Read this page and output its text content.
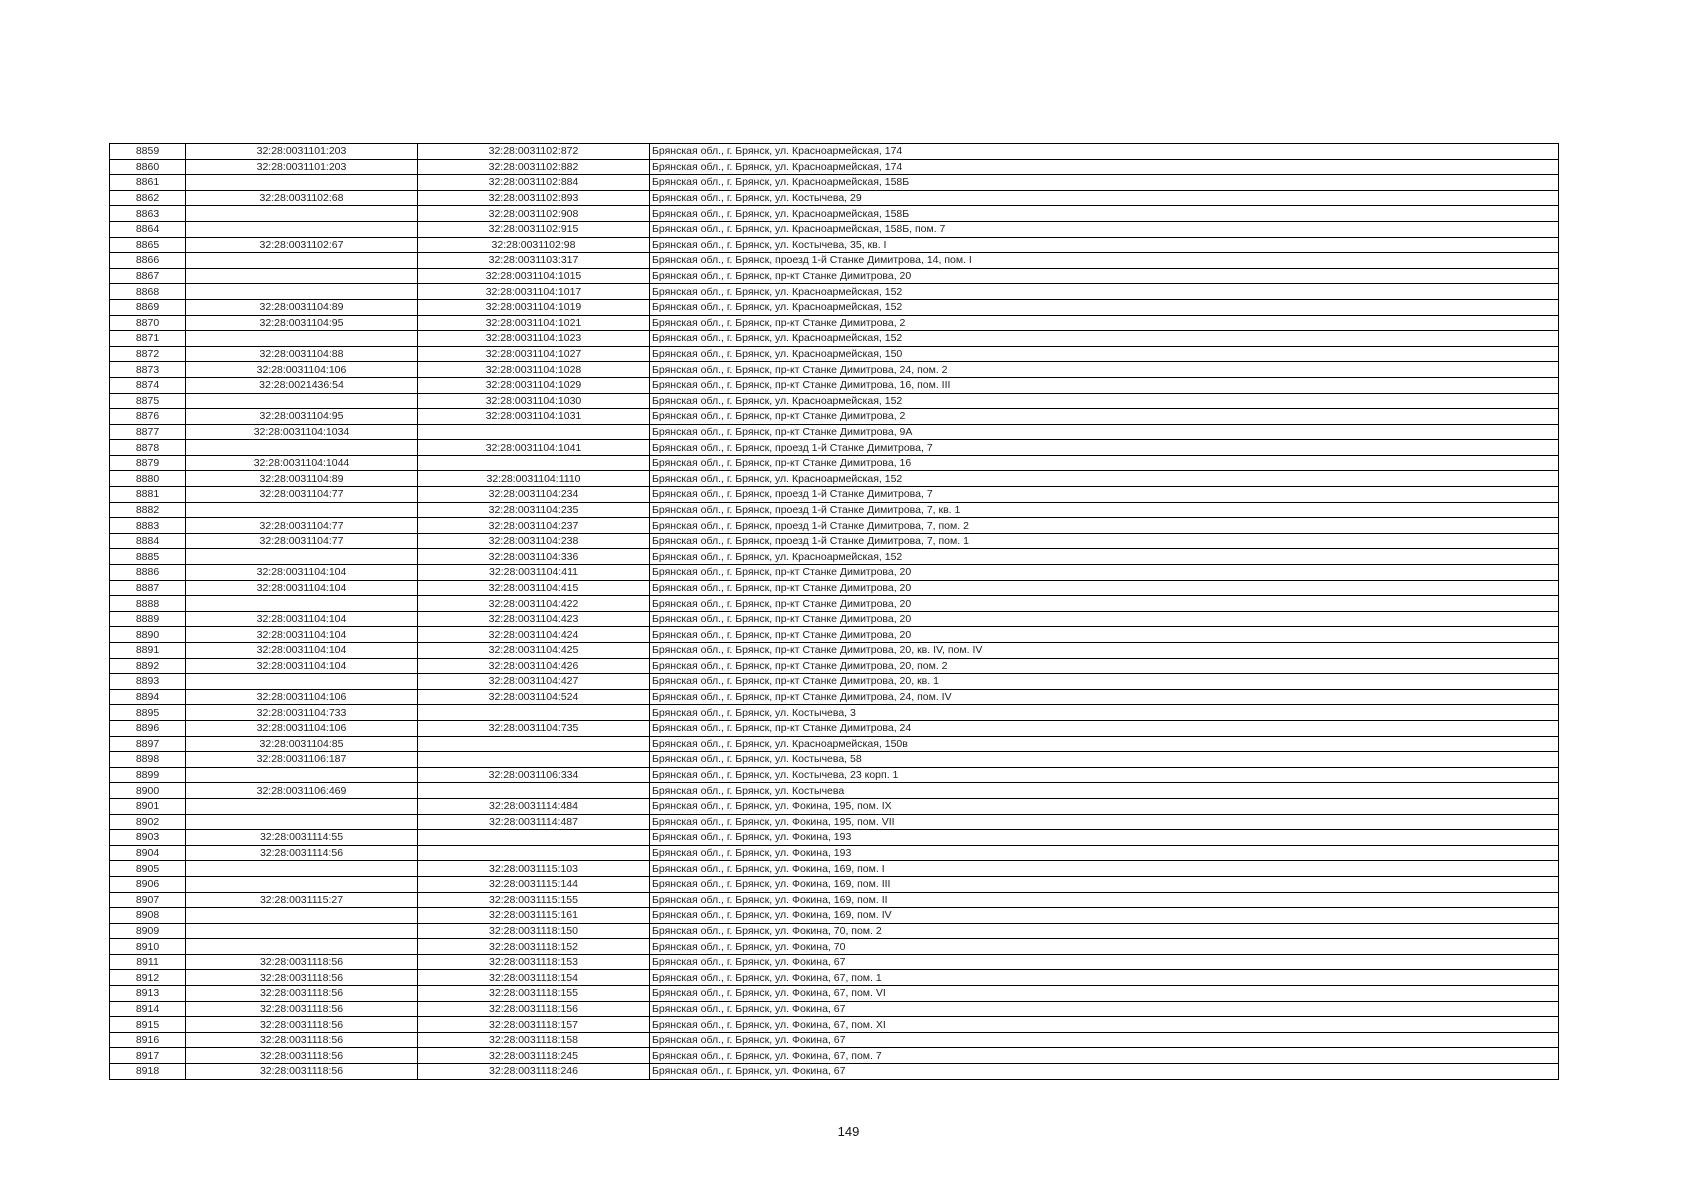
8859	32:28:0031101:203	32:28:0031102:872	Брянская обл., г. Брянск, ул. Красноармейская, 174
8860	32:28:0031101:203	32:28:0031102:882	Брянская обл., г. Брянск, ул. Красноармейская, 174
8861		32:28:0031102:884	Брянская обл., г. Брянск, ул. Красноармейская, 158Б
8862	32:28:0031102:68	32:28:0031102:893	Брянская обл., г. Брянск, ул. Костычева, 29
8863		32:28:0031102:908	Брянская обл., г. Брянск, ул. Красноармейская, 158Б
8864		32:28:0031102:915	Брянская обл., г. Брянск, ул. Красноармейская, 158Б, пом. 7
8865	32:28:0031102:67	32:28:0031102:98	Брянская обл., г. Брянск, ул. Костычева, 35, кв. I
8866		32:28:0031103:317	Брянская обл., г. Брянск, проезд 1-й Станке Димитрова, 14, пом. I
8867		32:28:0031104:1015	Брянская обл., г. Брянск, пр-кт Станке Димитрова, 20
8868		32:28:0031104:1017	Брянская обл., г. Брянск, ул. Красноармейская, 152
8869	32:28:0031104:89	32:28:0031104:1019	Брянская обл., г. Брянск, ул. Красноармейская, 152
8870	32:28:0031104:95	32:28:0031104:1021	Брянская обл., г. Брянск, пр-кт Станке Димитрова, 2
8871		32:28:0031104:1023	Брянская обл., г. Брянск, ул. Красноармейская, 152
8872	32:28:0031104:88	32:28:0031104:1027	Брянская обл., г. Брянск, ул. Красноармейская, 150
8873	32:28:0031104:106	32:28:0031104:1028	Брянская обл., г. Брянск, пр-кт Станке Димитрова, 24, пом. 2
8874	32:28:0021436:54	32:28:0031104:1029	Брянская обл., г. Брянск, пр-кт Станке Димитрова, 16, пом. III
8875		32:28:0031104:1030	Брянская обл., г. Брянск, ул. Красноармейская, 152
8876	32:28:0031104:95	32:28:0031104:1031	Брянская обл., г. Брянск, пр-кт Станке Димитрова, 2
8877	32:28:0031104:1034		Брянская обл., г. Брянск, пр-кт Станке Димитрова, 9А
8878		32:28:0031104:1041	Брянская обл., г. Брянск, проезд 1-й Станке Димитрова, 7
8879	32:28:0031104:1044		Брянская обл., г. Брянск, пр-кт Станке Димитрова, 16
8880	32:28:0031104:89	32:28:0031104:1110	Брянская обл., г. Брянск, ул. Красноармейская, 152
8881	32:28:0031104:77	32:28:0031104:234	Брянская обл., г. Брянск, проезд 1-й Станке Димитрова, 7
8882		32:28:0031104:235	Брянская обл., г. Брянск, проезд 1-й Станке Димитрова, 7, кв. 1
8883	32:28:0031104:77	32:28:0031104:237	Брянская обл., г. Брянск, проезд 1-й Станке Димитрова, 7, пом. 2
8884	32:28:0031104:77	32:28:0031104:238	Брянская обл., г. Брянск, проезд 1-й Станке Димитрова, 7, пом. 1
8885		32:28:0031104:336	Брянская обл., г. Брянск, ул. Красноармейская, 152
8886	32:28:0031104:104	32:28:0031104:411	Брянская обл., г. Брянск, пр-кт Станке Димитрова, 20
8887	32:28:0031104:104	32:28:0031104:415	Брянская обл., г. Брянск, пр-кт Станке Димитрова, 20
8888		32:28:0031104:422	Брянская обл., г. Брянск, пр-кт Станке Димитрова, 20
8889	32:28:0031104:104	32:28:0031104:423	Брянская обл., г. Брянск, пр-кт Станке Димитрова, 20
8890	32:28:0031104:104	32:28:0031104:424	Брянская обл., г. Брянск, пр-кт Станке Димитрова, 20
8891	32:28:0031104:104	32:28:0031104:425	Брянская обл., г. Брянск, пр-кт Станке Димитрова, 20, кв. IV, пом. IV
8892	32:28:0031104:104	32:28:0031104:426	Брянская обл., г. Брянск, пр-кт Станке Димитрова, 20, пом. 2
8893		32:28:0031104:427	Брянская обл., г. Брянск, пр-кт Станке Димитрова, 20, кв. 1
8894	32:28:0031104:106	32:28:0031104:524	Брянская обл., г. Брянск, пр-кт Станке Димитрова, 24, пом. IV
8895	32:28:0031104:733		Брянская обл., г. Брянск, ул. Костычева, 3
8896	32:28:0031104:106	32:28:0031104:735	Брянская обл., г. Брянск, пр-кт Станке Димитрова, 24
8897	32:28:0031104:85		Брянская обл., г. Брянск, ул. Красноармейская, 150в
8898	32:28:0031106:187		Брянская обл., г. Брянск, ул. Костычева, 58
8899		32:28:0031106:334	Брянская обл., г. Брянск, ул. Костычева, 23 корп. 1
8900	32:28:0031106:469		Брянская обл., г. Брянск, ул. Костычева
8901		32:28:0031114:484	Брянская обл., г. Брянск, ул. Фокина, 195, пом. IX
8902		32:28:0031114:487	Брянская обл., г. Брянск, ул. Фокина, 195, пом. VII
8903	32:28:0031114:55		Брянская обл., г. Брянск, ул. Фокина, 193
8904	32:28:0031114:56		Брянская обл., г. Брянск, ул. Фокина, 193
8905		32:28:0031115:103	Брянская обл., г. Брянск, ул. Фокина, 169, пом. I
8906		32:28:0031115:144	Брянская обл., г. Брянск, ул. Фокина, 169, пом. III
8907	32:28:0031115:27	32:28:0031115:155	Брянская обл., г. Брянск, ул. Фокина, 169, пом. II
8908		32:28:0031115:161	Брянская обл., г. Брянск, ул. Фокина, 169, пом. IV
8909		32:28:0031118:150	Брянская обл., г. Брянск, ул. Фокина, 70, пом. 2
8910		32:28:0031118:152	Брянская обл., г. Брянск, ул. Фокина, 70
8911	32:28:0031118:56	32:28:0031118:153	Брянская обл., г. Брянск, ул. Фокина, 67
8912	32:28:0031118:56	32:28:0031118:154	Брянская обл., г. Брянск, ул. Фокина, 67, пом. 1
8913	32:28:0031118:56	32:28:0031118:155	Брянская обл., г. Брянск, ул. Фокина, 67, пом. VI
8914	32:28:0031118:56	32:28:0031118:156	Брянская обл., г. Брянск, ул. Фокина, 67
8915	32:28:0031118:56	32:28:0031118:157	Брянская обл., г. Брянск, ул. Фокина, 67, пом. XI
8916	32:28:0031118:56	32:28:0031118:158	Брянская обл., г. Брянск, ул. Фокина, 67
8917	32:28:0031118:56	32:28:0031118:245	Брянская обл., г. Брянск, ул. Фокина, 67, пом. 7
8918	32:28:0031118:56	32:28:0031118:246	Брянская обл., г. Брянск, ул. Фокина, 67
149
